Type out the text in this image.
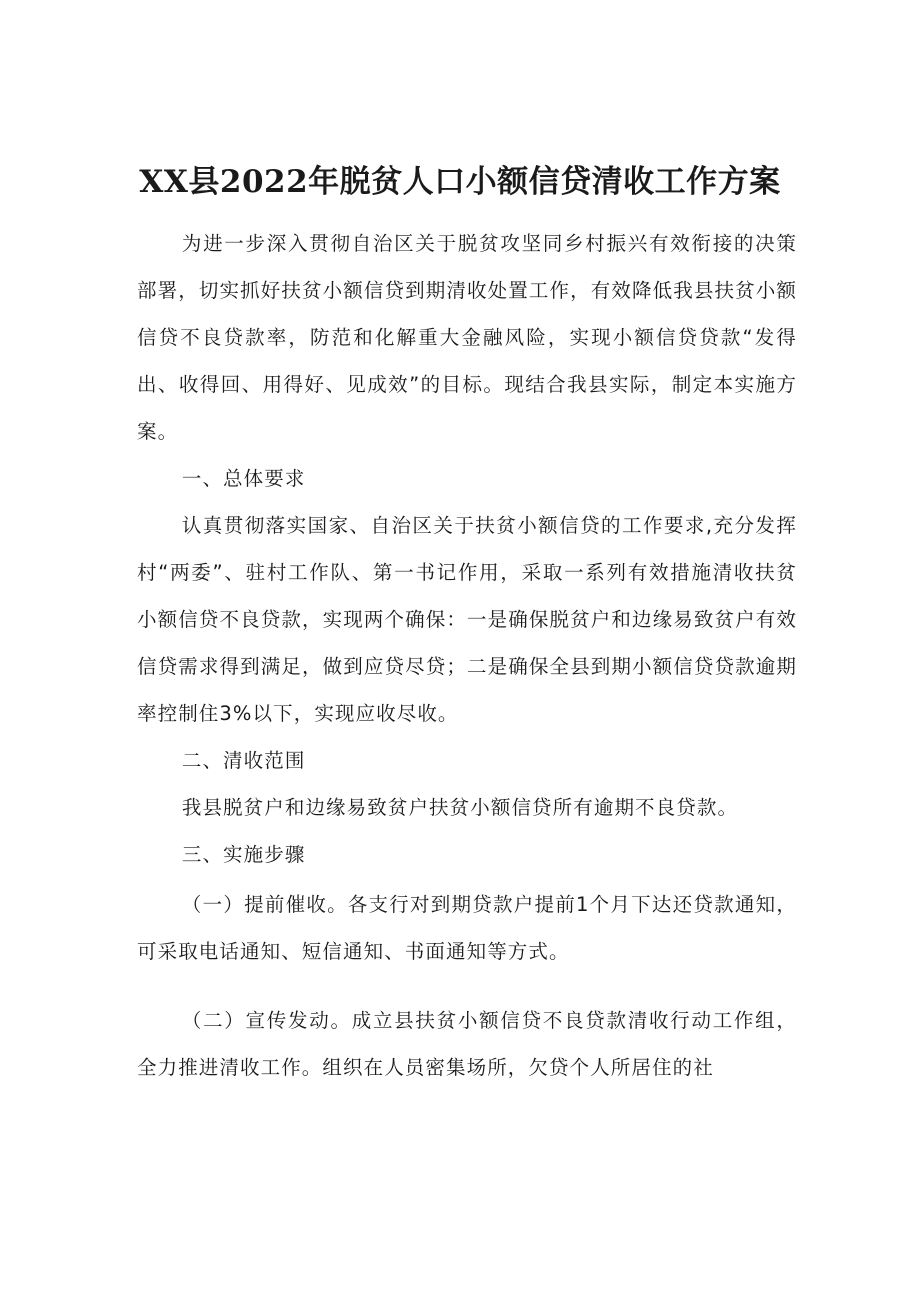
XX县2022年脱贫人口小额信贷清收工作方案

为进一步深入贯彻自治区关于脱贫攻坚同乡村振兴有效衔接的决策部署，切实抓好扶贫小额信贷到期清收处置工作，有效降低我县扶贫小额信贷不良贷款率，防范和化解重大金融风险，实现小额信贷贷款“发得出、收得回、用得好、见成效”的目标。现结合我县实际，制定本实施方案。

一、总体要求

认真贯彻落实国家、自治区关于扶贫小额信贷的工作要求,充分发挥村“两委”、驻村工作队、第一书记作用，采取一系列有效措施清收扶贫小额信贷不良贷款，实现两个确保：一是确保脱贫户和边缘易致贫户有效信贷需求得到满足，做到应贷尽贷；二是确保全县到期小额信贷贷款逾期率控制住3%以下，实现应收尽收。

二、清收范围

我县脱贫户和边缘易致贫户扶贫小额信贷所有逾期不良贷款。

三、实施步骤

（一）提前催收。各支行对到期贷款户提前1个月下达还贷款通知，可采取电话通知、短信通知、书面通知等方式。

（二）宣传发动。成立县扶贫小额信贷不良贷款清收行动工作组，全力推进清收工作。组织在人员密集场所，欠贷个人所居住的社
